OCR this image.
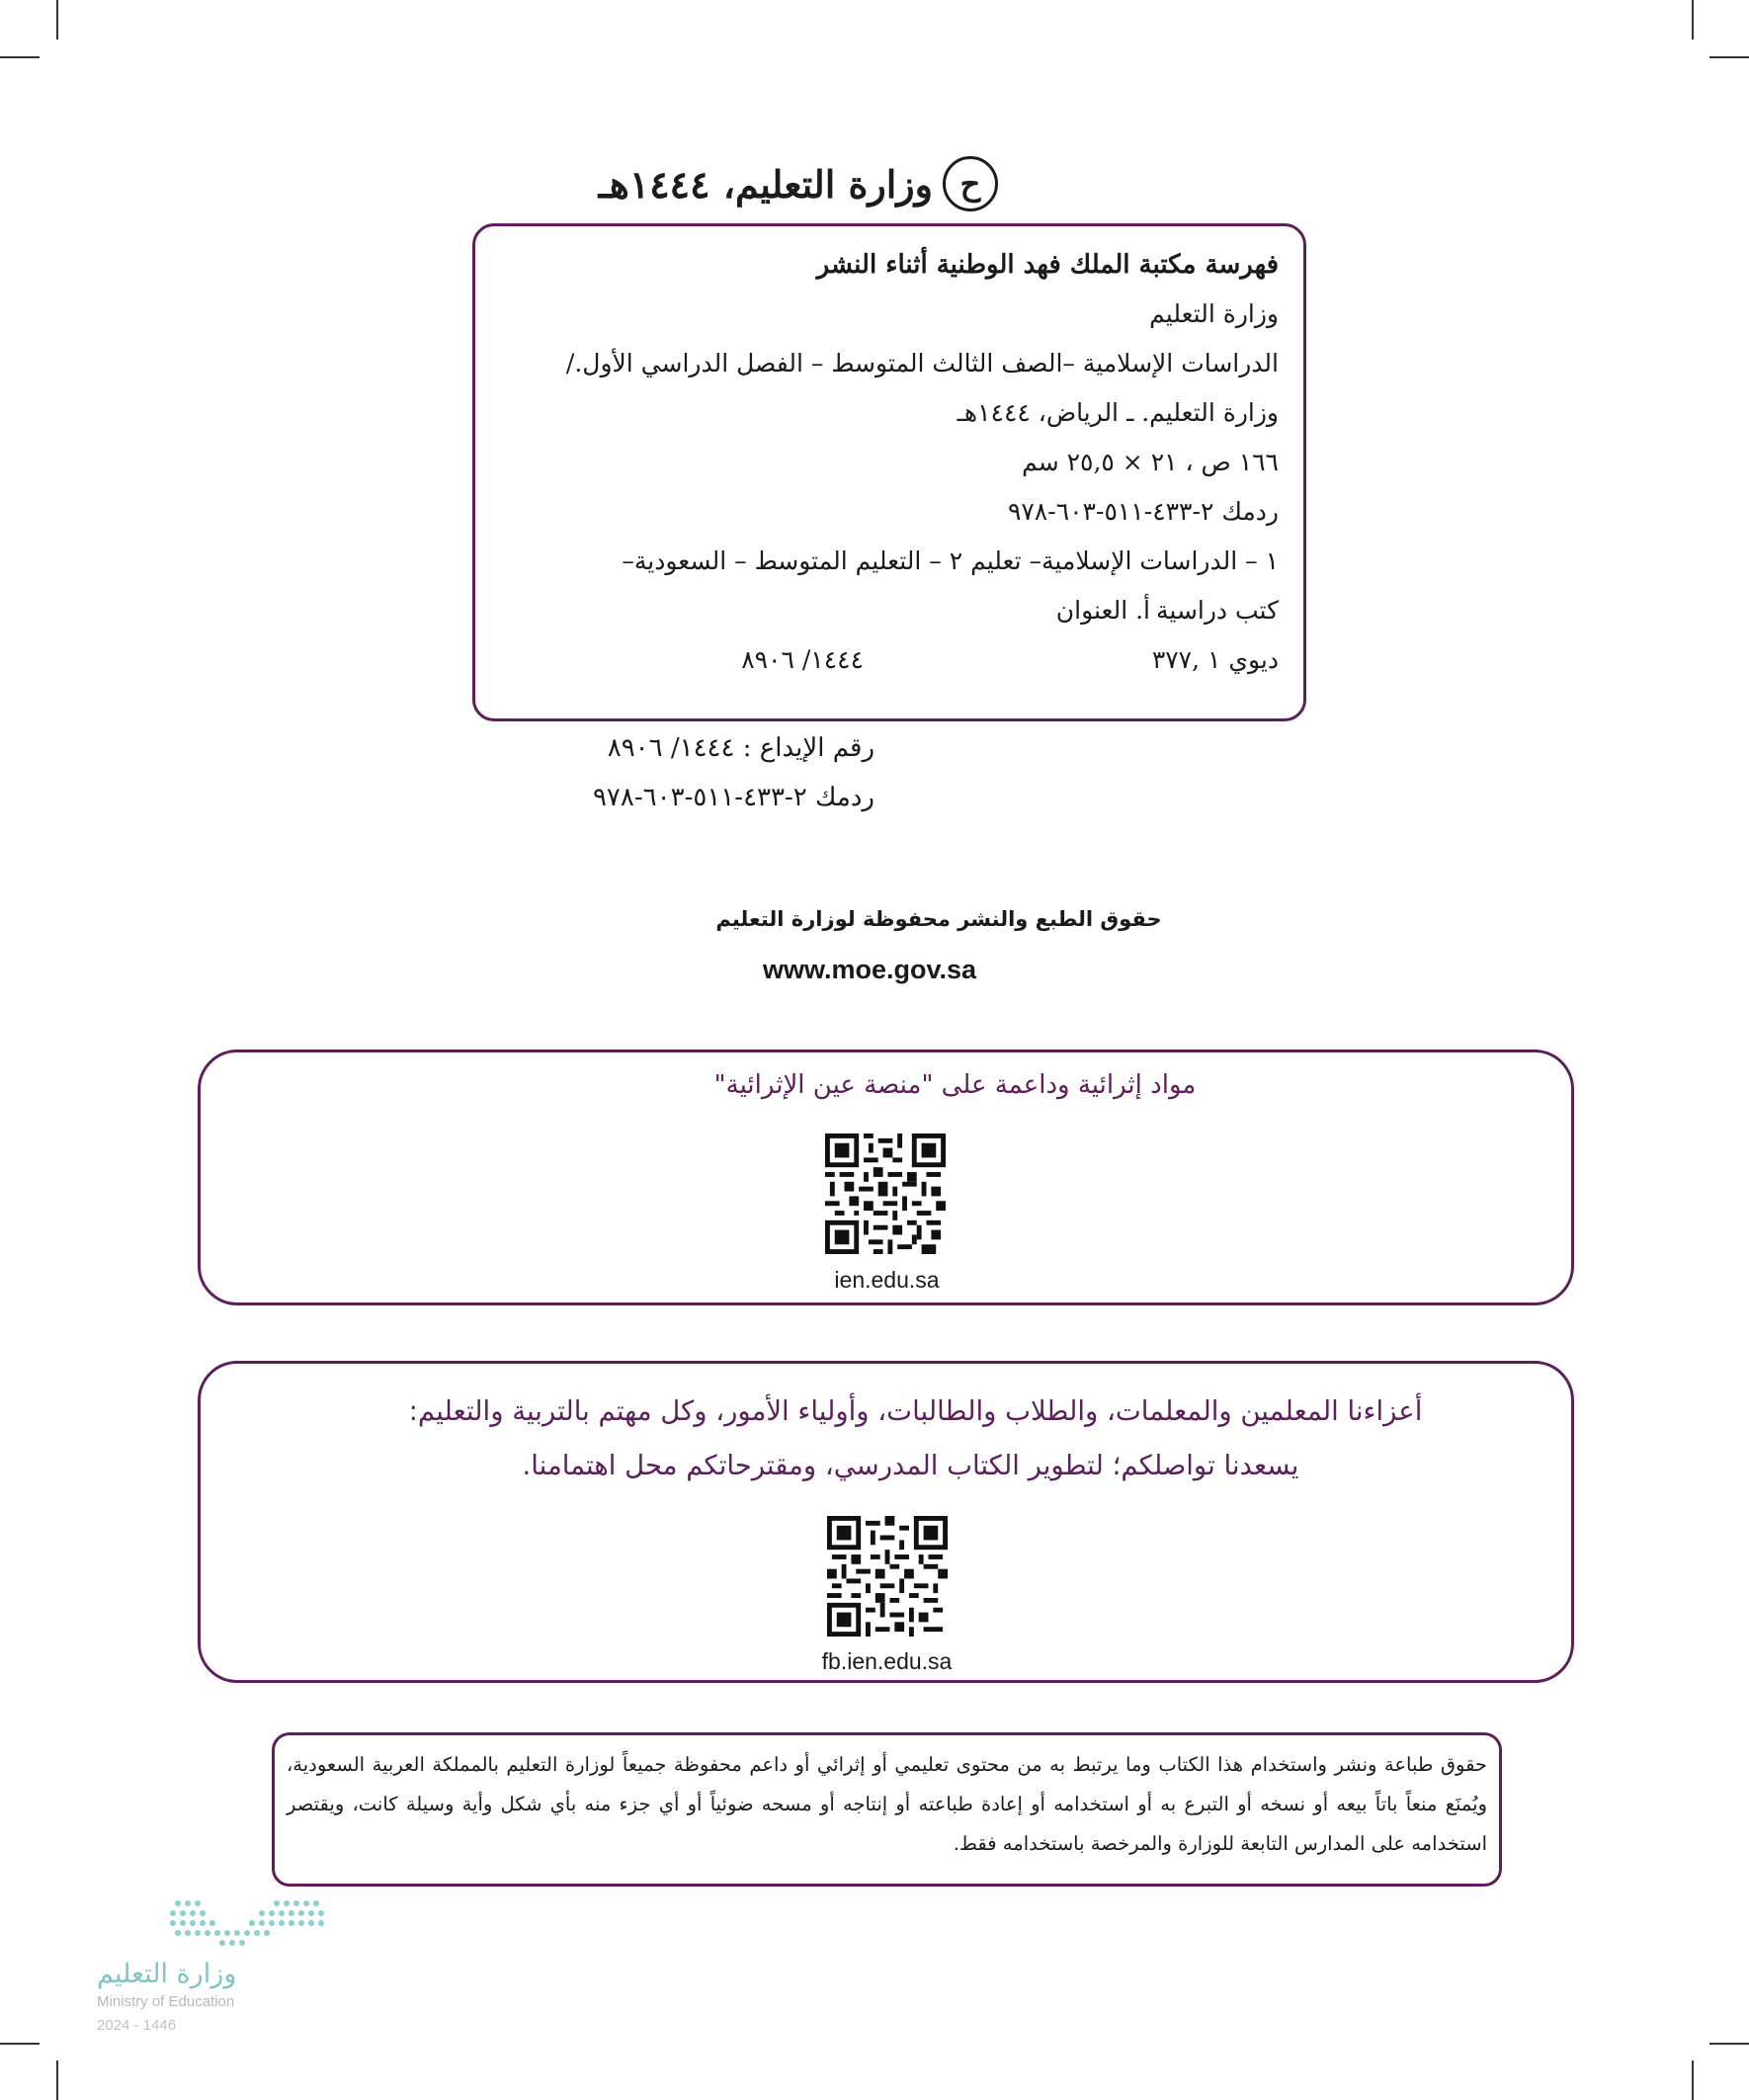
ح
وزارة التعليم، ١٤٤٤هـ
فهرسة مكتبة الملك فهد الوطنية أثناء النشر
وزارة التعليم
الدراسات الإسلامية –الصف الثالث المتوسط – الفصل الدراسي الأول./
وزارة التعليم. ـ الرياض، ١٤٤٤هـ
١٦٦ ص ، ٢١ × ٢٥,٥ سم
ردمك ٢-٤٣٣-٥١١-٦٠٣-٩٧٨
١ – الدراسات الإسلامية– تعليم ٢ – التعليم المتوسط – السعودية–
كتب دراسية
أ. العنوان
ديوي ١ ,٣٧٧
١٤٤٤/ ٨٩٠٦
رقم الإيداع : ١٤٤٤/ ٨٩٠٦
ردمك ٢-٤٣٣-٥١١-٦٠٣-٩٧٨
حقوق الطبع والنشر محفوظة لوزارة التعليم
www.moe.gov.sa
مواد إثرائية وداعمة على "منصة عين الإثرائية"
ien.edu.sa
أعزاءنا المعلمين والمعلمات، والطلاب والطالبات، وأولياء الأمور، وكل مهتم بالتربية والتعليم:
يسعدنا تواصلكم؛ لتطوير الكتاب المدرسي، ومقترحاتكم محل اهتمامنا.
fb.ien.edu.sa
حقوق طباعة ونشر واستخدام هذا الكتاب وما يرتبط به من محتوى تعليمي أو إثرائي أو داعم محفوظة جميعاً لوزارة التعليم بالمملكة العربية السعودية، ويُمنَع منعاً باتاً بيعه أو نسخه أو التبرع به أو استخدامه أو إعادة طباعته أو إنتاجه أو مسحه ضوئياً أو أي جزء منه بأي شكل وأية وسيلة كانت، ويقتصر استخدامه على المدارس التابعة للوزارة والمرخصة باستخدامه فقط.
وزارة التعليم
Ministry of Education
2024 - 1446
